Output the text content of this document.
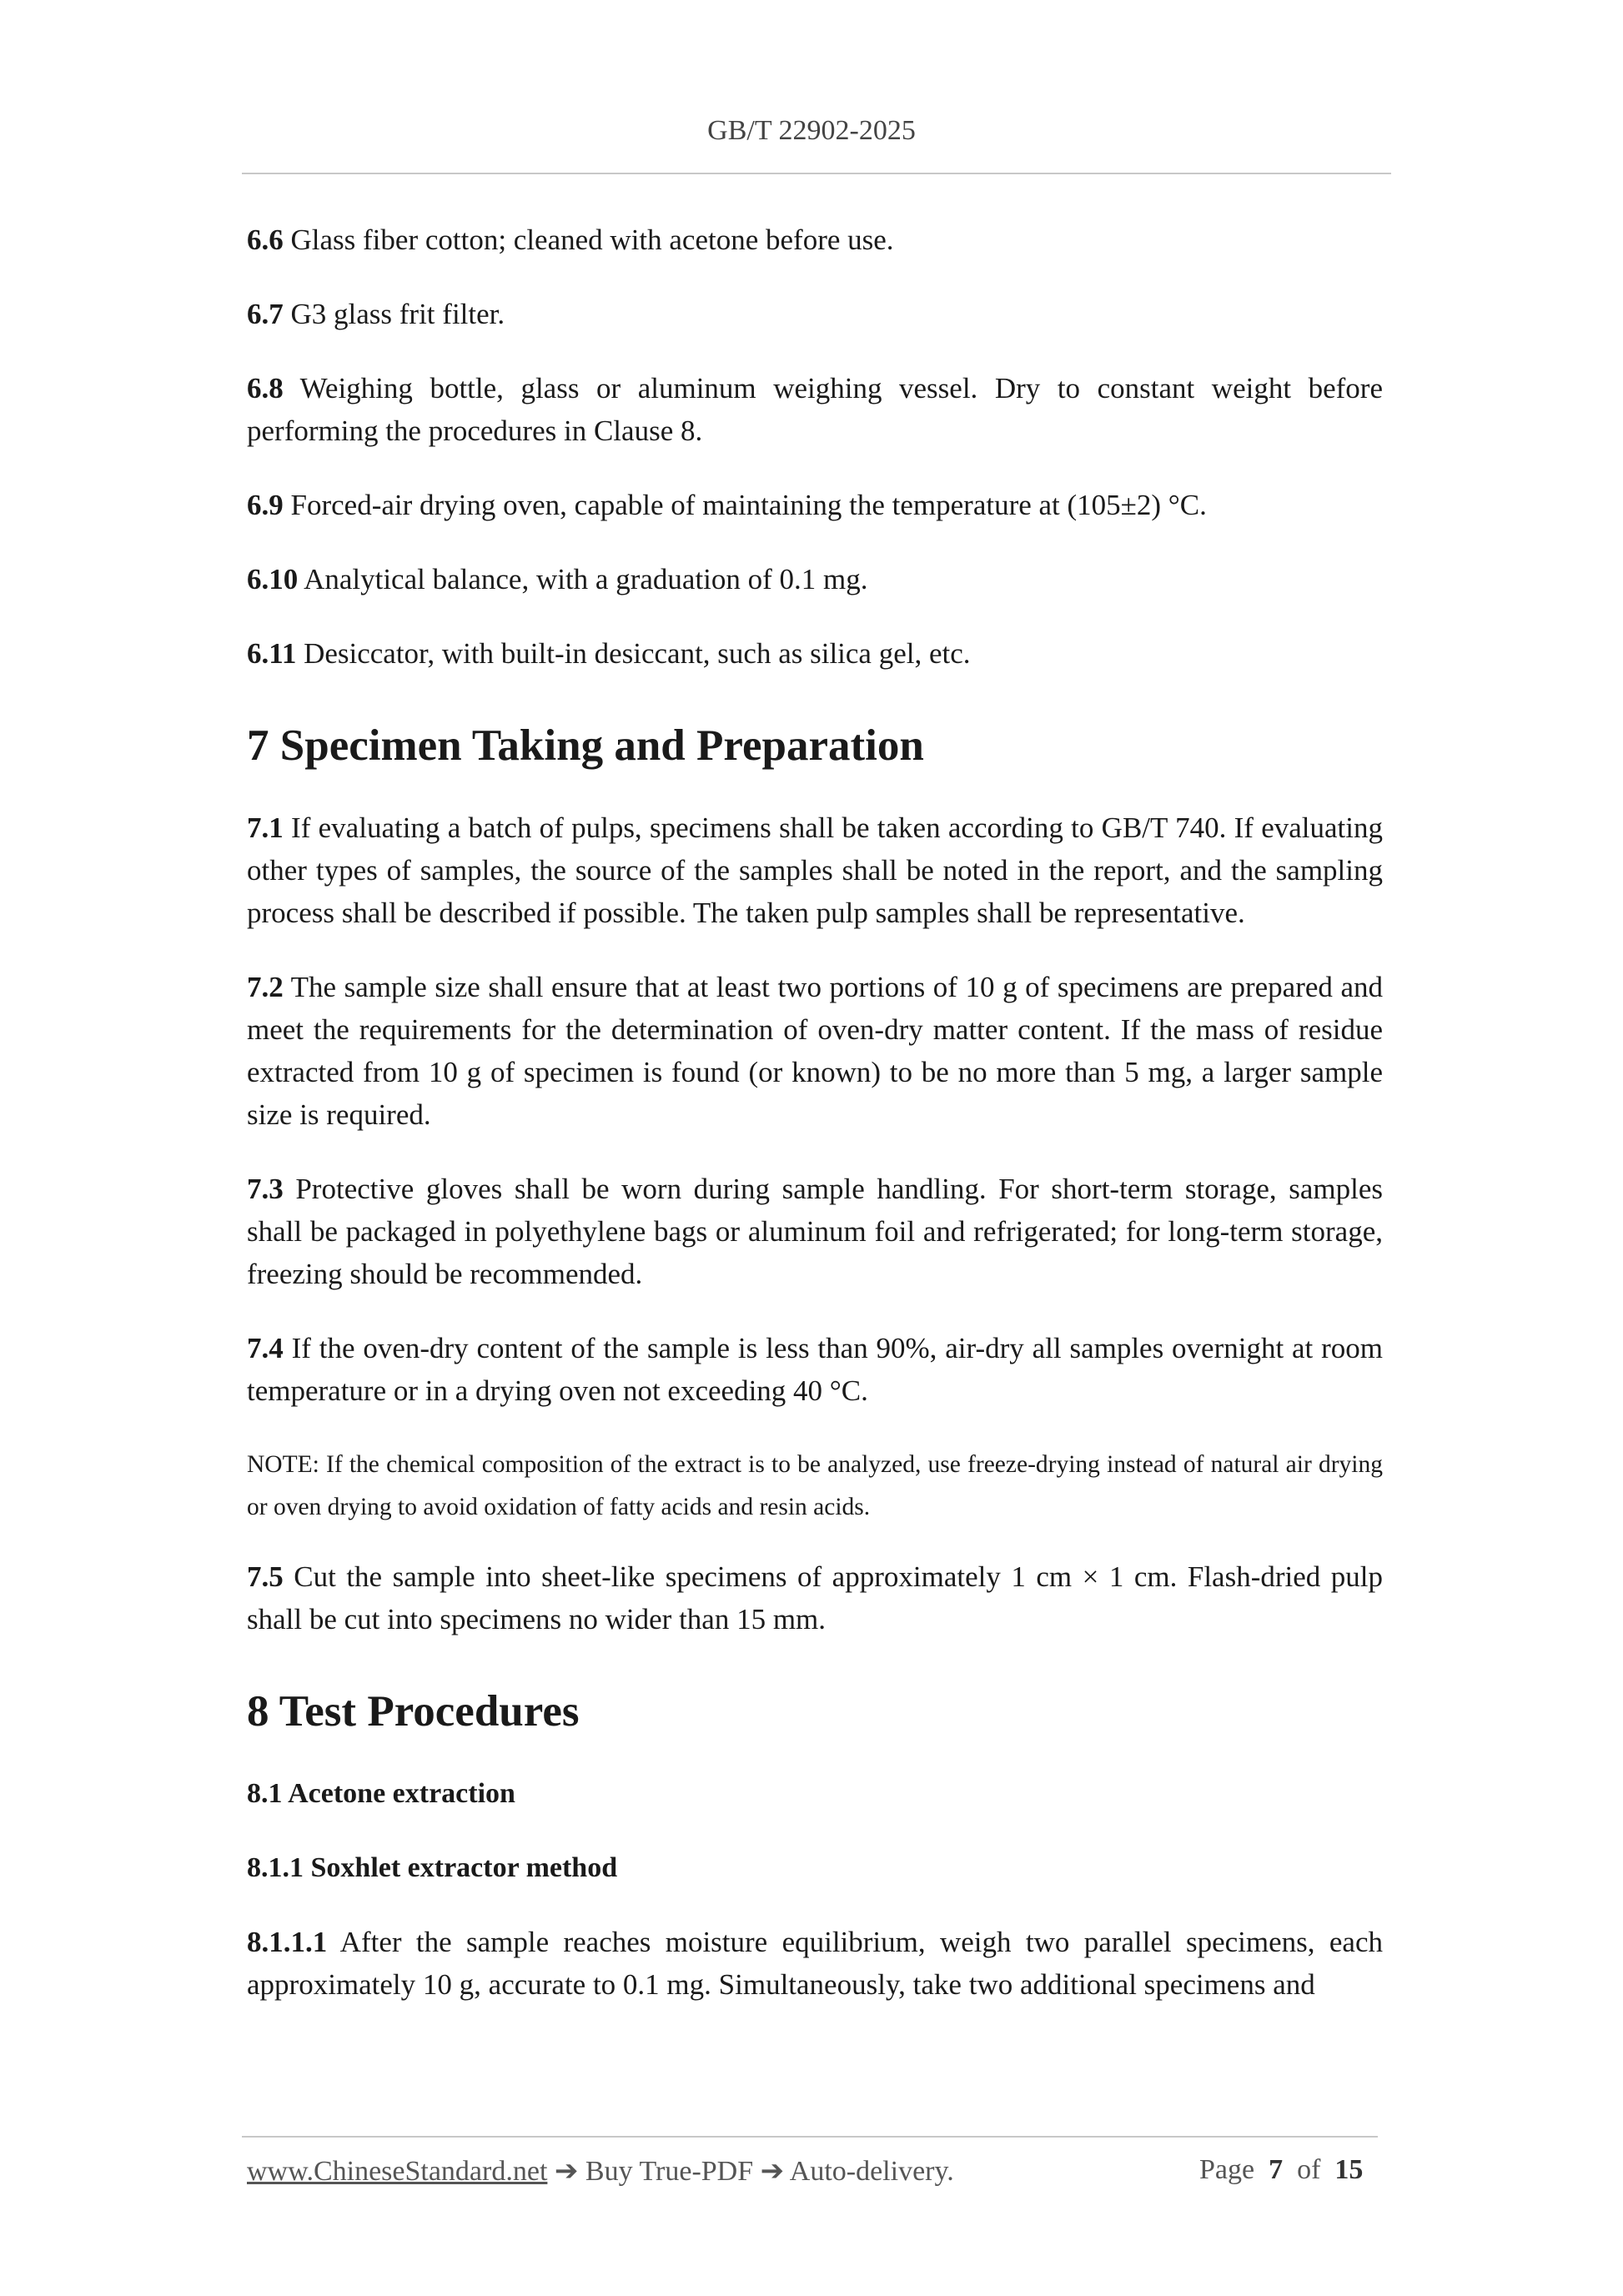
GB/T 22902-2025

6.6 Glass fiber cotton; cleaned with acetone before use.

6.7 G3 glass frit filter.

6.8 Weighing bottle, glass or aluminum weighing vessel. Dry to constant weight before performing the procedures in Clause 8.

6.9 Forced-air drying oven, capable of maintaining the temperature at (105±2) °C.

6.10 Analytical balance, with a graduation of 0.1 mg.

6.11 Desiccator, with built-in desiccant, such as silica gel, etc.

7 Specimen Taking and Preparation

7.1 If evaluating a batch of pulps, specimens shall be taken according to GB/T 740. If evaluating other types of samples, the source of the samples shall be noted in the report, and the sampling process shall be described if possible. The taken pulp samples shall be representative.

7.2 The sample size shall ensure that at least two portions of 10 g of specimens are prepared and meet the requirements for the determination of oven-dry matter content. If the mass of residue extracted from 10 g of specimen is found (or known) to be no more than 5 mg, a larger sample size is required.

7.3 Protective gloves shall be worn during sample handling. For short-term storage, samples shall be packaged in polyethylene bags or aluminum foil and refrigerated; for long-term storage, freezing should be recommended.

7.4 If the oven-dry content of the sample is less than 90%, air-dry all samples overnight at room temperature or in a drying oven not exceeding 40 °C.

NOTE: If the chemical composition of the extract is to be analyzed, use freeze-drying instead of natural air drying or oven drying to avoid oxidation of fatty acids and resin acids.

7.5 Cut the sample into sheet-like specimens of approximately 1 cm × 1 cm. Flash-dried pulp shall be cut into specimens no wider than 15 mm.

8 Test Procedures
8.1 Acetone extraction
8.1.1 Soxhlet extractor method

8.1.1.1 After the sample reaches moisture equilibrium, weigh two parallel specimens, each approximately 10 g, accurate to 0.1 mg. Simultaneously, take two additional specimens and

www.ChineseStandard.net ➔ Buy True-PDF ➔ Auto-delivery.	Page 7 of 15
